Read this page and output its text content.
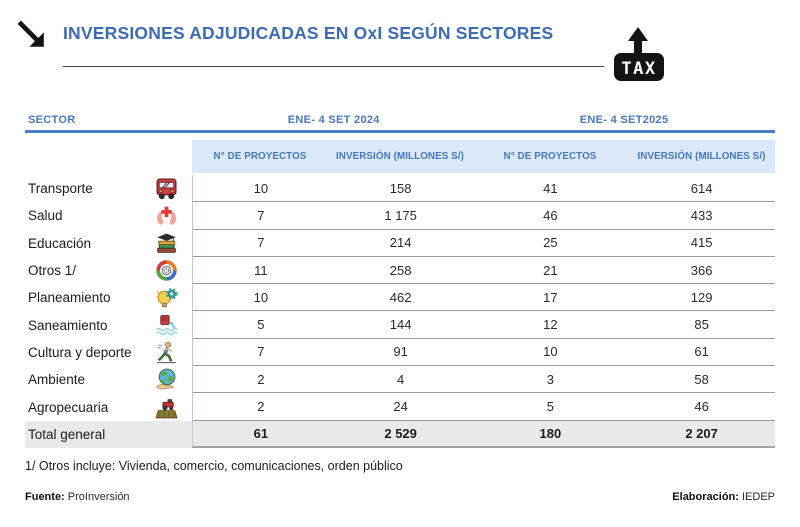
INVERSIONES ADJUDICADAS EN OxI SEGÚN SECTORES
TAX
SECTOR	ENE- 4 SET 2024	ENE- 4 SET2025
N° DE PROYECTOS	INVERSIÓN (MILLONES S/)	N° DE PROYECTOS	INVERSIÓN (MILLONES S/)
Transporte	10	158	41	614
Salud	7	1 175	46	433
Educación	7	214	25	415
Otros 1/	11	258	21	366
Planeamiento	10	462	17	129
Saneamiento	5	144	12	85
Cultura y deporte	7	91	10	61
Ambiente	2	4	3	58
Agropecuaria	2	24	5	46
Total general	61	2 529	180	2 207
1/ Otros incluye: Vivienda, comercio, comunicaciones, orden público
Fuente: ProInversión	Elaboración: IEDEP
